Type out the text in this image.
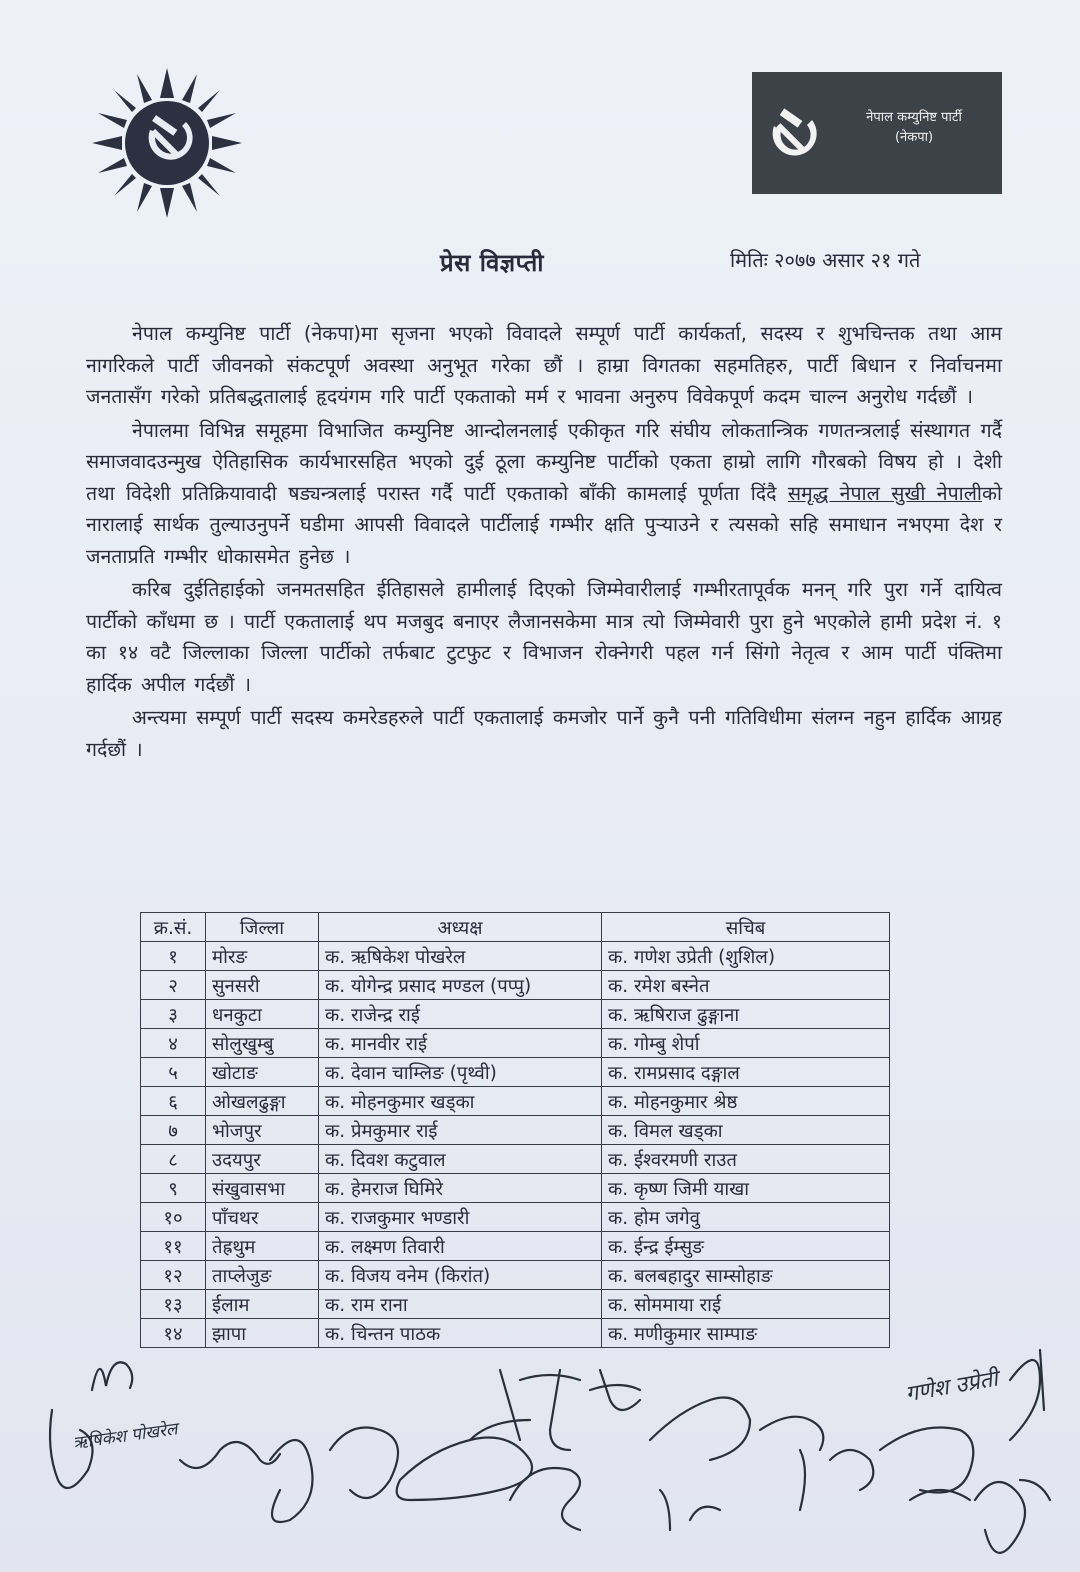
नेपाल कम्युनिष्ट पार्टी
(नेकपा)
प्रेस विज्ञप्ती	मितिः २०७७ असार २१ गते

नेपाल कम्युनिष्ट पार्टी (नेकपा)मा सृजना भएको विवादले सम्पूर्ण पार्टी कार्यकर्ता, सदस्य र शुभचिन्तक तथा आम नागरिकले पार्टी जीवनको संकटपूर्ण अवस्था अनुभूत गरेका छौं । हाम्रा विगतका सहमतिहरु, पार्टी बिधान र निर्वाचनमा जनतासँग गरेको प्रतिबद्धतालाई हृदयंगम गरि पार्टी एकताको मर्म र भावना अनुरुप विवेकपूर्ण कदम चाल्न अनुरोध गर्दछौं ।

नेपालमा विभिन्न समूहमा विभाजित कम्युनिष्ट आन्दोलनलाई एकीकृत गरि संघीय लोकतान्त्रिक गणतन्त्रलाई संस्थागत गर्दै समाजवादउन्मुख ऐतिहासिक कार्यभारसहित भएको दुई ठूला कम्युनिष्ट पार्टीको एकता हाम्रो लागि गौरबको विषय हो । देशी तथा विदेशी प्रतिक्रियावादी षड्यन्त्रलाई परास्त गर्दै पार्टी एकताको बाँकी कामलाई पूर्णता दिंदै समृद्ध नेपाल सुखी नेपालीको नारालाई सार्थक तुल्याउनुपर्ने घडीमा आपसी विवादले पार्टीलाई गम्भीर क्षति पुऱ्याउने र त्यसको सहि समाधान नभएमा देश र जनताप्रति गम्भीर धोकासमेत हुनेछ ।

करिब दुईतिहाईको जनमतसहित ईतिहासले हामीलाई दिएको जिम्मेवारीलाई गम्भीरतापूर्वक मनन् गरि पुरा गर्ने दायित्व पार्टीको काँधमा छ । पार्टी एकतालाई थप मजबुद बनाएर लैजानसकेमा मात्र त्यो जिम्मेवारी पुरा हुने भएकोले हामी प्रदेश नं. १ का १४ वटै जिल्लाका जिल्ला पार्टीको तर्फबाट टुटफुट र विभाजन रोक्नेगरी पहल गर्न सिंगो नेतृत्व र आम पार्टी पंक्तिमा हार्दिक अपील गर्दछौं ।

अन्त्यमा सम्पूर्ण पार्टी सदस्य कमरेडहरुले पार्टी एकतालाई कमजोर पार्ने कुनै पनी गतिविधीमा संलग्न नहुन हार्दिक आग्रह गर्दछौं ।

क्र.सं.	जिल्ला	अध्यक्ष	सचिब
१	मोरङ	क. ऋषिकेश पोखरेल	क. गणेश उप्रेती (शुशिल)
२	सुनसरी	क. योगेन्द्र प्रसाद मण्डल (पप्पु)	क. रमेश बस्नेत
३	धनकुटा	क. राजेन्द्र राई	क. ऋषिराज ढुङ्गाना
४	सोलुखुम्बु	क. मानवीर राई	क. गोम्बु शेर्पा
५	खोटाङ	क. देवान चाम्लिङ (पृथ्वी)	क. रामप्रसाद दङ्गाल
६	ओखलढुङ्गा	क. मोहनकुमार खड्का	क. मोहनकुमार श्रेष्ठ
७	भोजपुर	क. प्रेमकुमार राई	क. विमल खड्का
८	उदयपुर	क. दिवश कटुवाल	क. ईश्वरमणी राउत
९	संखुवासभा	क. हेमराज घिमिरे	क. कृष्ण जिमी याखा
१०	पाँचथर	क. राजकुमार भण्डारी	क. होम जगेवु
११	तेह्रथुम	क. लक्ष्मण तिवारी	क. ईन्द्र ईम्सुङ
१२	ताप्लेजुङ	क. विजय वनेम (किरांत)	क. बलबहादुर साम्सोहाङ
१३	ईलाम	क. राम राना	क. सोममाया राई
१४	झापा	क. चिन्तन पाठक	क. मणीकुमार साम्पाङ
ऋषिकेश पोखरेल
गणेश उप्रेती
